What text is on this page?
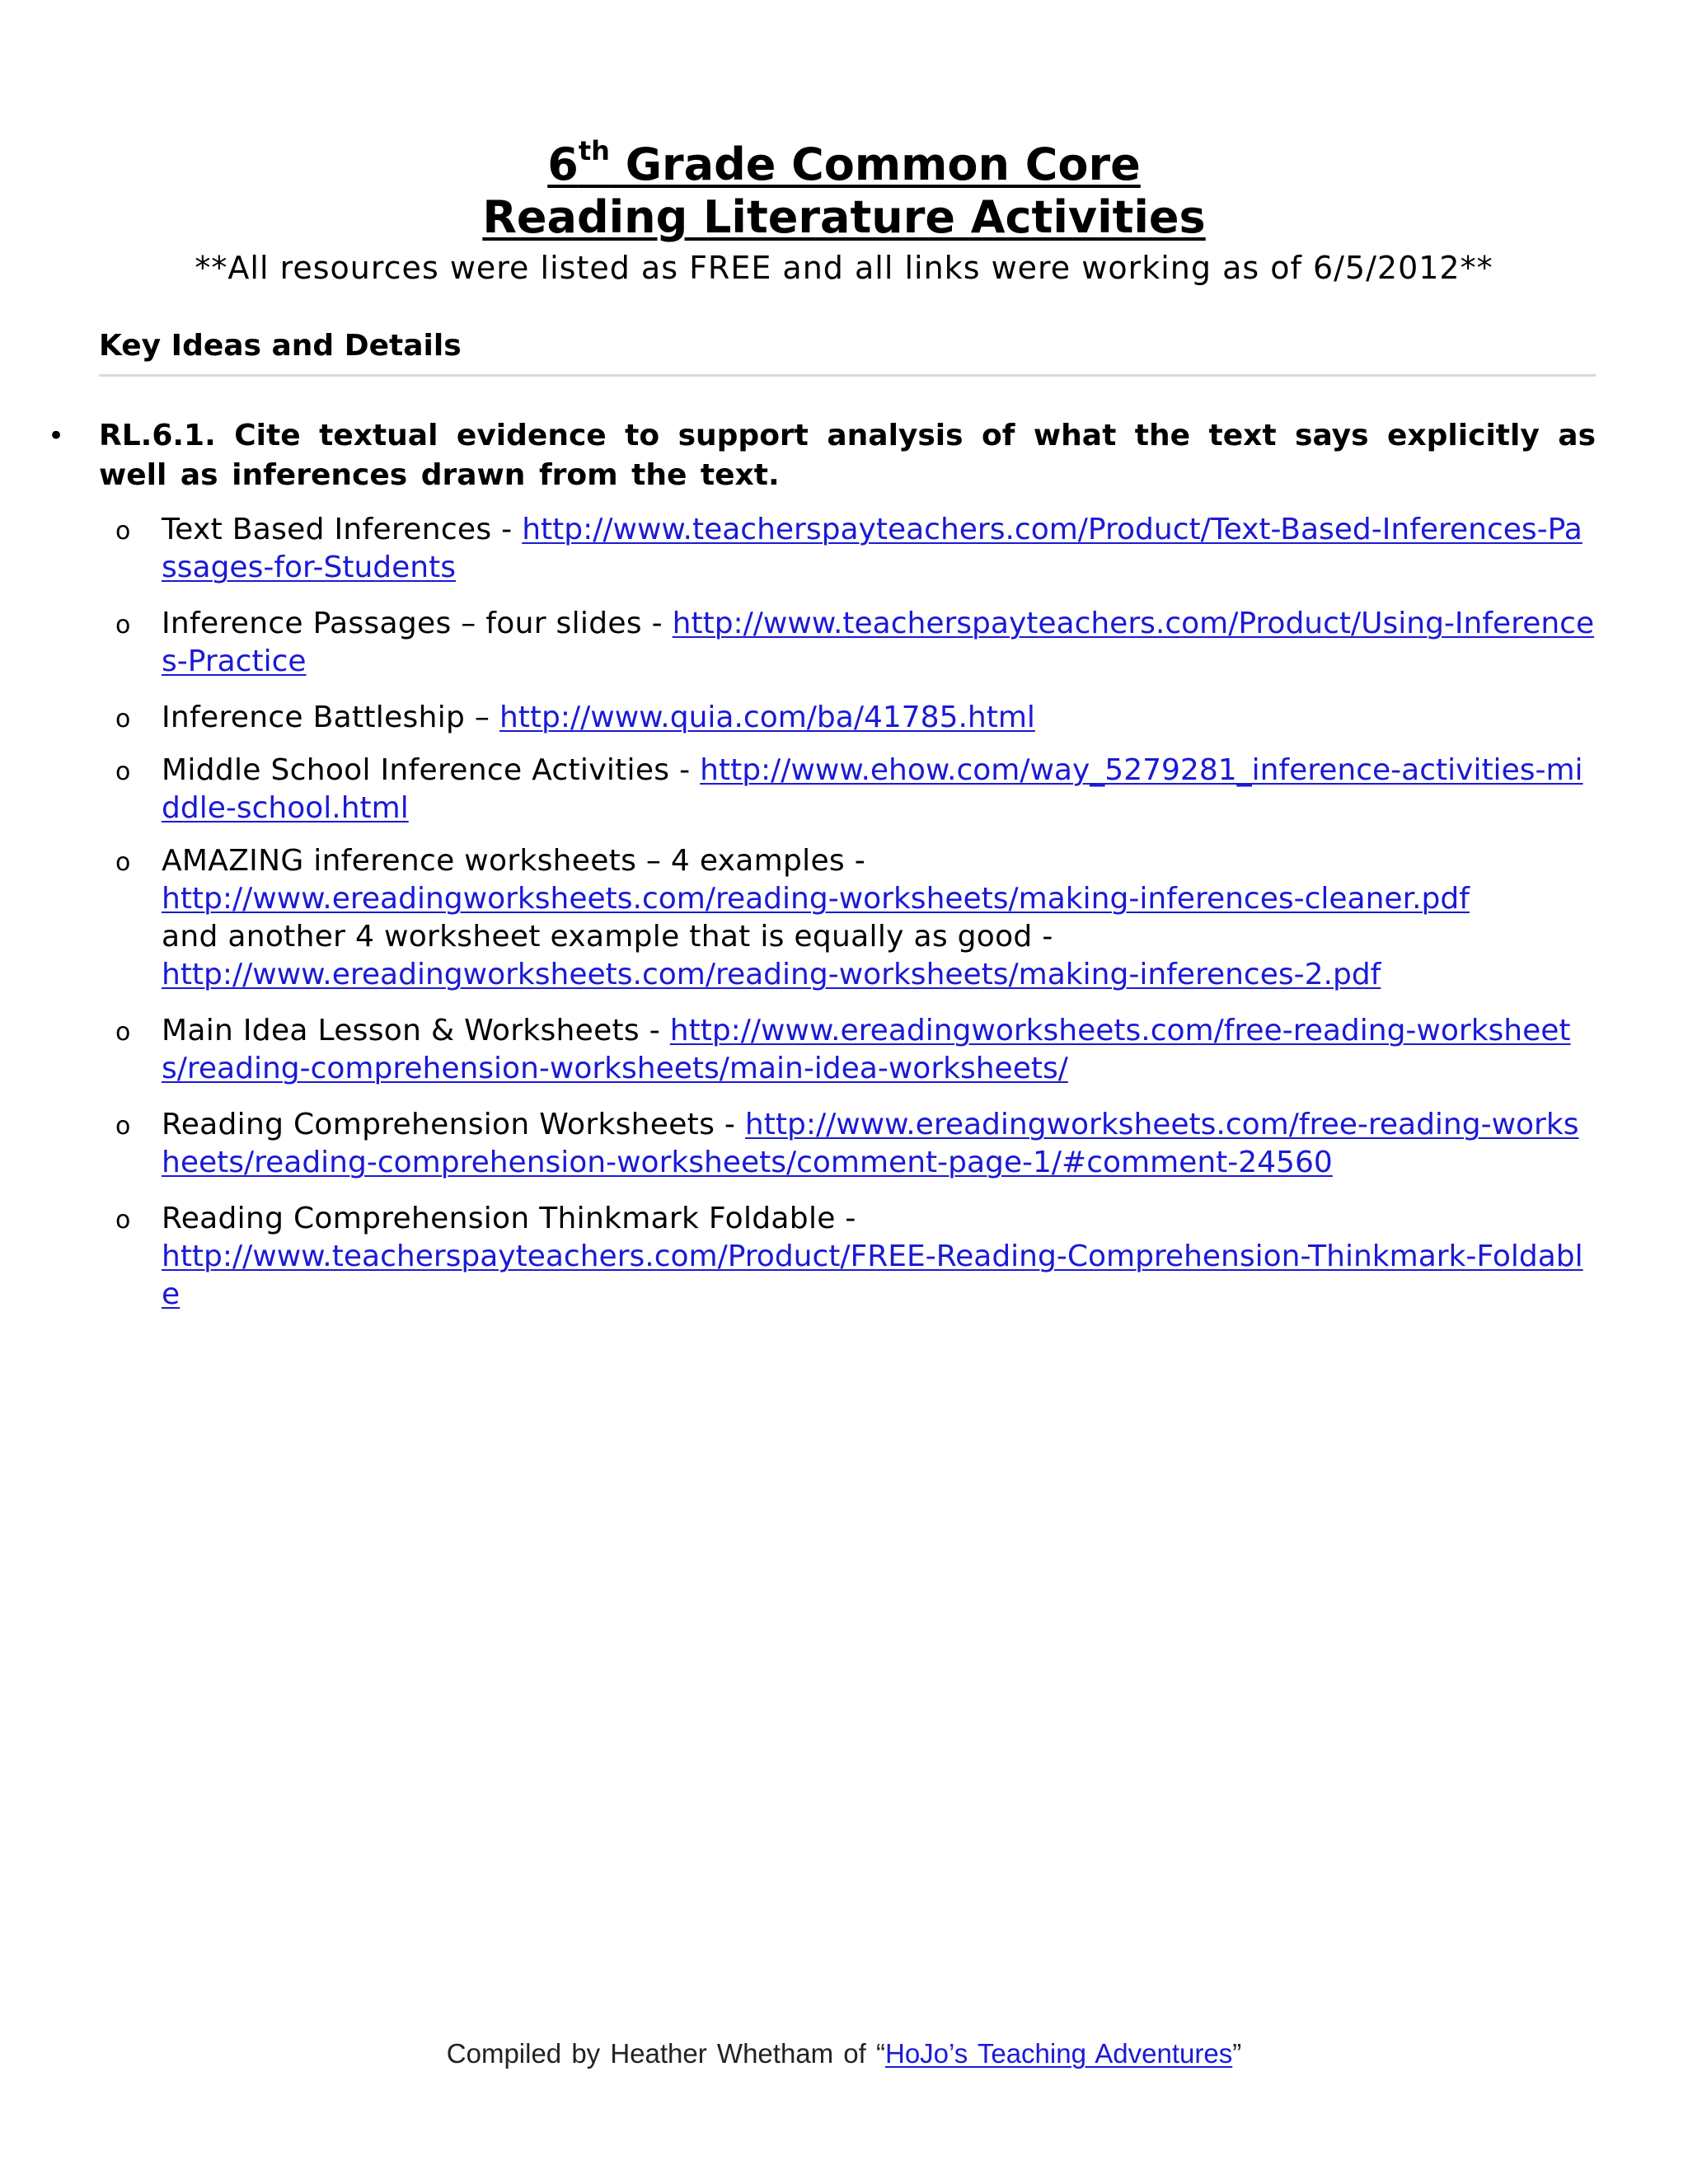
6th Grade Common Core
Reading Literature Activities
**All resources were listed as FREE and all links were working as of 6/5/2012**
Key Ideas and Details
• RL.6.1. Cite textual evidence to support analysis of what the text says explicitly as well as inferences drawn from the text.
o Text Based Inferences - http://www.teacherspayteachers.com/Product/Text-Based-Inferences-Passages-for-Students
o Inference Passages – four slides - http://www.teacherspayteachers.com/Product/Using-Inferences-Practice
o Inference Battleship – http://www.quia.com/ba/41785.html
o Middle School Inference Activities - http://www.ehow.com/way_5279281_inference-activities-middle-school.html
o AMAZING inference worksheets – 4 examples -
http://www.ereadingworksheets.com/reading-worksheets/making-inferences-cleaner.pdf
and another 4 worksheet example that is equally as good -
http://www.ereadingworksheets.com/reading-worksheets/making-inferences-2.pdf
o Main Idea Lesson & Worksheets - http://www.ereadingworksheets.com/free-reading-worksheets/reading-comprehension-worksheets/main-idea-worksheets/
o Reading Comprehension Worksheets - http://www.ereadingworksheets.com/free-reading-worksheets/reading-comprehension-worksheets/comment-page-1/#comment-24560
o Reading Comprehension Thinkmark Foldable -
http://www.teacherspayteachers.com/Product/FREE-Reading-Comprehension-Thinkmark-Foldable
Compiled by Heather Whetham of “HoJo’s Teaching Adventures”
